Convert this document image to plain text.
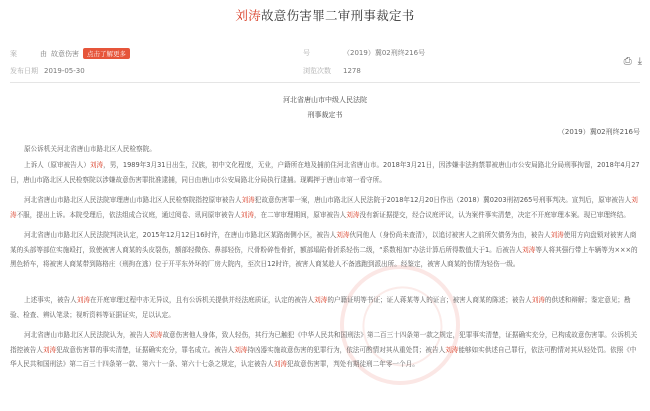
刘涛故意伤害罪二审刑事裁定书
案	由 故意伤害	点击了解更多	号	（2019）冀02刑终216号
发布日期 2019-05-30	浏览次数	1278
⎙ ⤓
河北省唐山市中级人民法院
刑事裁定书
（2019）冀02刑终216号
原公诉机关河北省唐山市路北区人民检察院。
上诉人（原审被告人）刘涛，男，1989年3月31日出生，汉族，初中文化程度，无业，户籍所在地及捕前住河北省唐山市。2018年3月21日，因涉嫌非法拘禁罪被唐山市公安局路北分局刑事拘留，2018年4月27日，唐山市路北区人民检察院以涉嫌故意伤害罪批准逮捕，同日由唐山市公安局路北分局执行逮捕。现羁押于唐山市第一看守所。
河北省唐山市路北区人民法院审理唐山市路北区人民检察院指控原审被告人刘涛犯故意伤害罪一案，唐山市路北区人民法院于2018年12月20日作出（2018）冀0203刑初265号刑事判决。宣判后，原审被告人刘涛不服，提出上诉。本院受理后，依法组成合议庭，通过阅卷、讯问原审被告人刘涛，在二审审理期间，原审被告人刘涛没有新证据提交，经合议庭评议，认为案件事实清楚，决定不开庭审理本案。现已审理终结。
河北省唐山市路北区人民法院判决认定，2015年12月12日16时许，在唐山市路北区某路南侧小区，被告人刘涛伙同他人（身份尚未查清），以追讨被害人之前所欠债务为由，被告人刘涛使用方向盘锁对被害人商某的头部等部位实施殴打，致使被害人商某的头皮裂伤，额部轻微伤、鼻部轻伤，尺骨粉碎性骨折，额部塌陷骨折系轻伤二级，“系数相加”办法计算后所得数值大于1。后被告人刘涛等人将其强行带上车辆等为×××的黑色轿车，将被害人商某带到陈格庄（刑拘在逃）位于开平东外环的厂房大院内，至次日12时许，被害人商某趁人不备逃跑到派出所。经鉴定，被害人商某的伤情为轻伤一级。
上述事实，被告人刘涛在开庭审理过程中亦无异议，且有公诉机关提供并经法庭质证，认定的被告人刘涛的户籍证明等书证；证人蒋某等人的证言；被害人商某的陈述；被告人刘涛的供述和辩解；鉴定意见；勘验、检查、辨认笔录；视听资料等证据证实，足以认定。
河北省唐山市路北区人民法院认为，被告人刘涛故意伤害他人身体，致人轻伤，其行为已触犯《中华人民共和国刑法》第二百三十四条第一款之规定，犯罪事实清楚，证据确实充分，已构成故意伤害罪。公诉机关指控被告人刘涛犯故意伤害罪的事实清楚，证据确实充分，罪名成立。被告人刘涛持凶器实施故意伤害的犯罪行为，依法可酌情对其从重处罚；被告人刘涛能够如实供述自己罪行，依法可酌情对其从轻处罚。依照《中华人民共和国刑法》第二百三十四条第一款、第六十一条、第六十七条之规定，认定被告人刘涛犯故意伤害罪，判处有期徒刑二年零一个月。
